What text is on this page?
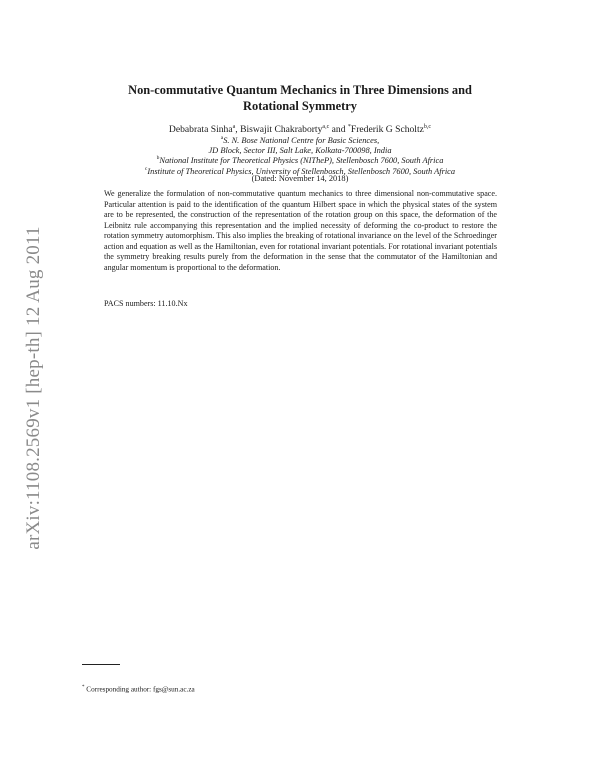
arXiv:1108.2569v1 [hep-th] 12 Aug 2011
Non-commutative Quantum Mechanics in Three Dimensions and
Rotational Symmetry
Debabrata Sinha$^a$, Biswajit Chakraborty$^{a,c}$ and *Frederik G Scholtz$^{b,c}$
$^a$S. N. Bose National Centre for Basic Sciences,
JD Block, Sector III, Salt Lake, Kolkata-700098, India
$^b$National Institute for Theoretical Physics (NITheP), Stellenbosch 7600, South Africa
$^c$Institute of Theoretical Physics, University of Stellenbosch, Stellenbosch 7600, South Africa
(Dated: November 14, 2018)

We generalize the formulation of non-commutative quantum mechanics to three dimensional non-commutative space. Particular attention is paid to the identification of the quantum Hilbert space in which the physical states of the system are to be represented, the construction of the representation of the rotation group on this space, the deformation of the Leibnitz rule accompanying this representation and the implied necessity of deforming the co-product to restore the rotation symmetry automorphism. This also implies the breaking of rotational invariance on the level of the Schroedinger action and equation as well as the Hamiltonian, even for rotational invariant potentials. For rotational invariant potentials the symmetry breaking results purely from the deformation in the sense that the commutator of the Hamiltonian and angular momentum is proportional to the deformation.

PACS numbers: 11.10.Nx
* Corresponding author: fgs@sun.ac.za
